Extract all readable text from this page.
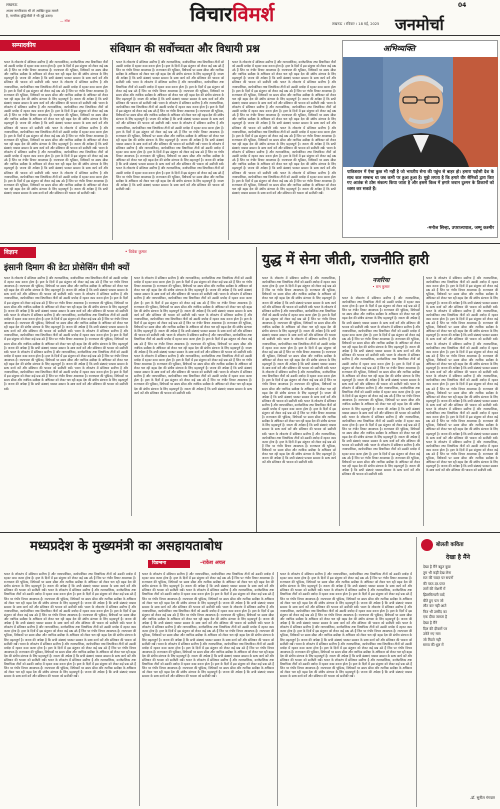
लखनऊ
अपना नागरिकत्व भी तो आखिर कुछ मायने
है, नागरिक बुद्धिजीवी ने भी मुद्दे उठाए।
— नरेश	विचारविमर्श	04
लखनऊ । रविवार । 18 मई, 2025 जनमोर्चा
सम्पादकीय	संविधान की सर्वोच्चता और विधायी प्रश्न
भारत के लोकतंत्र में संविधान सर्वोच्च है और न्यायपालिका, कार्यपालिका तथा विधायिका तीनों को उसकी मर्यादा में रहकर काम करना होता है। हाल के दिनों में इस संतुलन को लेकर कई प्रश्न उठे हैं जिन पर गंभीर विचार आवश्यक है। राज्यपाल की भूमिका, विधेयकों पर समय सीमा और न्यायिक समीक्षा के अधिकार को लेकर चल रही बहस देश की संघीय संरचना के लिए महत्वपूर्ण है। जनता की अपेक्षा है कि सभी संस्थाएं परस्पर सम्मान के साथ कार्य करें और संविधान की भावना को सर्वोपरि रखें। भारत के लोकतंत्र में संविधान सर्वोच्च है और न्यायपालिका, कार्यपालिका तथा विधायिका तीनों को उसकी मर्यादा में रहकर काम करना होता है। हाल के दिनों में इस संतुलन को लेकर कई प्रश्न उठे हैं जिन पर गंभीर विचार आवश्यक है। राज्यपाल की भूमिका, विधेयकों पर समय सीमा और न्यायिक समीक्षा के अधिकार को लेकर चल रही बहस देश की संघीय संरचना के लिए महत्वपूर्ण है। जनता की अपेक्षा है कि सभी संस्थाएं परस्पर सम्मान के साथ कार्य करें और संविधान की भावना को सर्वोपरि रखें। भारत के लोकतंत्र में संविधान सर्वोच्च है और न्यायपालिका, कार्यपालिका तथा विधायिका तीनों को उसकी मर्यादा में रहकर काम करना होता है। हाल के दिनों में इस संतुलन को लेकर कई प्रश्न उठे हैं जिन पर गंभीर विचार आवश्यक है। राज्यपाल की भूमिका, विधेयकों पर समय सीमा और न्यायिक समीक्षा के अधिकार को लेकर चल रही बहस देश की संघीय संरचना के लिए महत्वपूर्ण है। जनता की अपेक्षा है कि सभी संस्थाएं परस्पर सम्मान के साथ कार्य करें और संविधान की भावना को सर्वोपरि रखें। भारत के लोकतंत्र में संविधान सर्वोच्च है और न्यायपालिका, कार्यपालिका तथा विधायिका तीनों को उसकी मर्यादा में रहकर काम करना होता है। हाल के दिनों में इस संतुलन को लेकर कई प्रश्न उठे हैं जिन पर गंभीर विचार आवश्यक है। राज्यपाल की भूमिका, विधेयकों पर समय सीमा और न्यायिक समीक्षा के अधिकार को लेकर चल रही बहस देश की संघीय संरचना के लिए महत्वपूर्ण है। जनता की अपेक्षा है कि सभी संस्थाएं परस्पर सम्मान के साथ कार्य करें और संविधान की भावना को सर्वोपरि रखें। भारत के लोकतंत्र में संविधान सर्वोच्च है और न्यायपालिका, कार्यपालिका तथा विधायिका तीनों को उसकी मर्यादा में रहकर काम करना होता है। हाल के दिनों में इस संतुलन को लेकर कई प्रश्न उठे हैं जिन पर गंभीर विचार आवश्यक है। राज्यपाल की भूमिका, विधेयकों पर समय सीमा और न्यायिक समीक्षा के अधिकार को लेकर चल रही बहस देश की संघीय संरचना के लिए महत्वपूर्ण है। जनता की अपेक्षा है कि सभी संस्थाएं परस्पर सम्मान के साथ कार्य करें और संविधान की भावना को सर्वोपरि रखें। भारत के लोकतंत्र में संविधान सर्वोच्च है और न्यायपालिका, कार्यपालिका तथा विधायिका तीनों को उसकी मर्यादा में रहकर काम करना होता है। हाल के दिनों में इस संतुलन को लेकर कई प्रश्न उठे हैं जिन पर गंभीर विचार आवश्यक है। राज्यपाल की भूमिका, विधेयकों पर समय सीमा और न्यायिक समीक्षा के अधिकार को लेकर चल रही बहस देश की संघीय संरचना के लिए महत्वपूर्ण है। जनता की अपेक्षा है कि सभी संस्थाएं परस्पर सम्मान के साथ कार्य करें और संविधान की भावना को सर्वोपरि रखें।
भारत के लोकतंत्र में संविधान सर्वोच्च है और न्यायपालिका, कार्यपालिका तथा विधायिका तीनों को उसकी मर्यादा में रहकर काम करना होता है। हाल के दिनों में इस संतुलन को लेकर कई प्रश्न उठे हैं जिन पर गंभीर विचार आवश्यक है। राज्यपाल की भूमिका, विधेयकों पर समय सीमा और न्यायिक समीक्षा के अधिकार को लेकर चल रही बहस देश की संघीय संरचना के लिए महत्वपूर्ण है। जनता की अपेक्षा है कि सभी संस्थाएं परस्पर सम्मान के साथ कार्य करें और संविधान की भावना को सर्वोपरि रखें। भारत के लोकतंत्र में संविधान सर्वोच्च है और न्यायपालिका, कार्यपालिका तथा विधायिका तीनों को उसकी मर्यादा में रहकर काम करना होता है। हाल के दिनों में इस संतुलन को लेकर कई प्रश्न उठे हैं जिन पर गंभीर विचार आवश्यक है। राज्यपाल की भूमिका, विधेयकों पर समय सीमा और न्यायिक समीक्षा के अधिकार को लेकर चल रही बहस देश की संघीय संरचना के लिए महत्वपूर्ण है। जनता की अपेक्षा है कि सभी संस्थाएं परस्पर सम्मान के साथ कार्य करें और संविधान की भावना को सर्वोपरि रखें। भारत के लोकतंत्र में संविधान सर्वोच्च है और न्यायपालिका, कार्यपालिका तथा विधायिका तीनों को उसकी मर्यादा में रहकर काम करना होता है। हाल के दिनों में इस संतुलन को लेकर कई प्रश्न उठे हैं जिन पर गंभीर विचार आवश्यक है। राज्यपाल की भूमिका, विधेयकों पर समय सीमा और न्यायिक समीक्षा के अधिकार को लेकर चल रही बहस देश की संघीय संरचना के लिए महत्वपूर्ण है। जनता की अपेक्षा है कि सभी संस्थाएं परस्पर सम्मान के साथ कार्य करें और संविधान की भावना को सर्वोपरि रखें। भारत के लोकतंत्र में संविधान सर्वोच्च है और न्यायपालिका, कार्यपालिका तथा विधायिका तीनों को उसकी मर्यादा में रहकर काम करना होता है। हाल के दिनों में इस संतुलन को लेकर कई प्रश्न उठे हैं जिन पर गंभीर विचार आवश्यक है। राज्यपाल की भूमिका, विधेयकों पर समय सीमा और न्यायिक समीक्षा के अधिकार को लेकर चल रही बहस देश की संघीय संरचना के लिए महत्वपूर्ण है। जनता की अपेक्षा है कि सभी संस्थाएं परस्पर सम्मान के साथ कार्य करें और संविधान की भावना को सर्वोपरि रखें। भारत के लोकतंत्र में संविधान सर्वोच्च है और न्यायपालिका, कार्यपालिका तथा विधायिका तीनों को उसकी मर्यादा में रहकर काम करना होता है। हाल के दिनों में इस संतुलन को लेकर कई प्रश्न उठे हैं जिन पर गंभीर विचार आवश्यक है। राज्यपाल की भूमिका, विधेयकों पर समय सीमा और न्यायिक समीक्षा के अधिकार को लेकर चल रही बहस देश की संघीय संरचना के लिए महत्वपूर्ण है। जनता की अपेक्षा है कि सभी संस्थाएं परस्पर सम्मान के साथ कार्य करें और संविधान की भावना को सर्वोपरि रखें। भारत के लोकतंत्र में संविधान सर्वोच्च है और न्यायपालिका, कार्यपालिका तथा विधायिका तीनों को उसकी मर्यादा में रहकर काम करना होता है। हाल के दिनों में इस संतुलन को लेकर कई प्रश्न उठे हैं जिन पर गंभीर विचार आवश्यक है। राज्यपाल की भूमिका, विधेयकों पर समय सीमा और न्यायिक समीक्षा के अधिकार को लेकर चल रही बहस देश की संघीय संरचना के लिए महत्वपूर्ण है। जनता की अपेक्षा है कि सभी संस्थाएं परस्पर सम्मान के साथ कार्य करें और संविधान की भावना को सर्वोपरि रखें।
भारत के लोकतंत्र में संविधान सर्वोच्च है और न्यायपालिका, कार्यपालिका तथा विधायिका तीनों को उसकी मर्यादा में रहकर काम करना होता है। हाल के दिनों में इस संतुलन को लेकर कई प्रश्न उठे हैं जिन पर गंभीर विचार आवश्यक है। राज्यपाल की भूमिका, विधेयकों पर समय सीमा और न्यायिक समीक्षा के अधिकार को लेकर चल रही बहस देश की संघीय संरचना के लिए महत्वपूर्ण है। जनता की अपेक्षा है कि सभी संस्थाएं परस्पर सम्मान के साथ कार्य करें और संविधान की भावना को सर्वोपरि रखें। भारत के लोकतंत्र में संविधान सर्वोच्च है और न्यायपालिका, कार्यपालिका तथा विधायिका तीनों को उसकी मर्यादा में रहकर काम करना होता है। हाल के दिनों में इस संतुलन को लेकर कई प्रश्न उठे हैं जिन पर गंभीर विचार आवश्यक है। राज्यपाल की भूमिका, विधेयकों पर समय सीमा और न्यायिक समीक्षा के अधिकार को लेकर चल रही बहस देश की संघीय संरचना के लिए महत्वपूर्ण है। जनता की अपेक्षा है कि सभी संस्थाएं परस्पर सम्मान के साथ कार्य करें और संविधान की भावना को सर्वोपरि रखें। भारत के लोकतंत्र में संविधान सर्वोच्च है और न्यायपालिका, कार्यपालिका तथा विधायिका तीनों को उसकी मर्यादा में रहकर काम करना होता है। हाल के दिनों में इस संतुलन को लेकर कई प्रश्न उठे हैं जिन पर गंभीर विचार आवश्यक है। राज्यपाल की भूमिका, विधेयकों पर समय सीमा और न्यायिक समीक्षा के अधिकार को लेकर चल रही बहस देश की संघीय संरचना के लिए महत्वपूर्ण है। जनता की अपेक्षा है कि सभी संस्थाएं परस्पर सम्मान के साथ कार्य करें और संविधान की भावना को सर्वोपरि रखें। भारत के लोकतंत्र में संविधान सर्वोच्च है और न्यायपालिका, कार्यपालिका तथा विधायिका तीनों को उसकी मर्यादा में रहकर काम करना होता है। हाल के दिनों में इस संतुलन को लेकर कई प्रश्न उठे हैं जिन पर गंभीर विचार आवश्यक है। राज्यपाल की भूमिका, विधेयकों पर समय सीमा और न्यायिक समीक्षा के अधिकार को लेकर चल रही बहस देश की संघीय संरचना के लिए महत्वपूर्ण है। जनता की अपेक्षा है कि सभी संस्थाएं परस्पर सम्मान के साथ कार्य करें और संविधान की भावना को सर्वोपरि रखें। भारत के लोकतंत्र में संविधान सर्वोच्च है और न्यायपालिका, कार्यपालिका तथा विधायिका तीनों को उसकी मर्यादा में रहकर काम करना होता है। हाल के दिनों में इस संतुलन को लेकर कई प्रश्न उठे हैं जिन पर गंभीर विचार आवश्यक है। राज्यपाल की भूमिका, विधेयकों पर समय सीमा और न्यायिक समीक्षा के अधिकार को लेकर चल रही बहस देश की संघीय संरचना के लिए महत्वपूर्ण है। जनता की अपेक्षा है कि सभी संस्थाएं परस्पर सम्मान के साथ कार्य करें और संविधान की भावना को सर्वोपरि रखें। भारत के लोकतंत्र में संविधान सर्वोच्च है और न्यायपालिका, कार्यपालिका तथा विधायिका तीनों को उसकी मर्यादा में रहकर काम करना होता है। हाल के दिनों में इस संतुलन को लेकर कई प्रश्न उठे हैं जिन पर गंभीर विचार आवश्यक है। राज्यपाल की भूमिका, विधेयकों पर समय सीमा और न्यायिक समीक्षा के अधिकार को लेकर चल रही बहस देश की संघीय संरचना के लिए महत्वपूर्ण है। जनता की अपेक्षा है कि सभी संस्थाएं परस्पर सम्मान के साथ कार्य करें और संविधान की भावना को सर्वोपरि रखें।
अभिव्यक्ति
पाकिस्तान में ऐसा कुछ भी नहीं है जो भारतीय सेना की पहुंच से बाहर हो। हमारा पड़ोसी देश के साथ कल सम्बन्ध था जब कभी पर हुआ हुआ है। मुझे लगता है कि हमारे वीर सैनिकों द्वारा किए गए आतंक से ठोस संकल्प किया जाता है और इससे विश्व में हमारे जवान दुश्मन के ठिकानों को ध्वस्त कर सकते हैं।
-मनोज सिन्हा, उपराज्यपाल, जम्मू कश्मीर
विज्ञान	• विवेक कुमार
इंसानी दिमाग की डेटा प्रोसेसिंग धीमी क्यों
भारत के लोकतंत्र में संविधान सर्वोच्च है और न्यायपालिका, कार्यपालिका तथा विधायिका तीनों को उसकी मर्यादा में रहकर काम करना होता है। हाल के दिनों में इस संतुलन को लेकर कई प्रश्न उठे हैं जिन पर गंभीर विचार आवश्यक है। राज्यपाल की भूमिका, विधेयकों पर समय सीमा और न्यायिक समीक्षा के अधिकार को लेकर चल रही बहस देश की संघीय संरचना के लिए महत्वपूर्ण है। जनता की अपेक्षा है कि सभी संस्थाएं परस्पर सम्मान के साथ कार्य करें और संविधान की भावना को सर्वोपरि रखें। भारत के लोकतंत्र में संविधान सर्वोच्च है और न्यायपालिका, कार्यपालिका तथा विधायिका तीनों को उसकी मर्यादा में रहकर काम करना होता है। हाल के दिनों में इस संतुलन को लेकर कई प्रश्न उठे हैं जिन पर गंभीर विचार आवश्यक है। राज्यपाल की भूमिका, विधेयकों पर समय सीमा और न्यायिक समीक्षा के अधिकार को लेकर चल रही बहस देश की संघीय संरचना के लिए महत्वपूर्ण है। जनता की अपेक्षा है कि सभी संस्थाएं परस्पर सम्मान के साथ कार्य करें और संविधान की भावना को सर्वोपरि रखें। भारत के लोकतंत्र में संविधान सर्वोच्च है और न्यायपालिका, कार्यपालिका तथा विधायिका तीनों को उसकी मर्यादा में रहकर काम करना होता है। हाल के दिनों में इस संतुलन को लेकर कई प्रश्न उठे हैं जिन पर गंभीर विचार आवश्यक है। राज्यपाल की भूमिका, विधेयकों पर समय सीमा और न्यायिक समीक्षा के अधिकार को लेकर चल रही बहस देश की संघीय संरचना के लिए महत्वपूर्ण है। जनता की अपेक्षा है कि सभी संस्थाएं परस्पर सम्मान के साथ कार्य करें और संविधान की भावना को सर्वोपरि रखें। भारत के लोकतंत्र में संविधान सर्वोच्च है और न्यायपालिका, कार्यपालिका तथा विधायिका तीनों को उसकी मर्यादा में रहकर काम करना होता है। हाल के दिनों में इस संतुलन को लेकर कई प्रश्न उठे हैं जिन पर गंभीर विचार आवश्यक है। राज्यपाल की भूमिका, विधेयकों पर समय सीमा और न्यायिक समीक्षा के अधिकार को लेकर चल रही बहस देश की संघीय संरचना के लिए महत्वपूर्ण है। जनता की अपेक्षा है कि सभी संस्थाएं परस्पर सम्मान के साथ कार्य करें और संविधान की भावना को सर्वोपरि रखें। भारत के लोकतंत्र में संविधान सर्वोच्च है और न्यायपालिका, कार्यपालिका तथा विधायिका तीनों को उसकी मर्यादा में रहकर काम करना होता है। हाल के दिनों में इस संतुलन को लेकर कई प्रश्न उठे हैं जिन पर गंभीर विचार आवश्यक है। राज्यपाल की भूमिका, विधेयकों पर समय सीमा और न्यायिक समीक्षा के अधिकार को लेकर चल रही बहस देश की संघीय संरचना के लिए महत्वपूर्ण है। जनता की अपेक्षा है कि सभी संस्थाएं परस्पर सम्मान के साथ कार्य करें और संविधान की भावना को सर्वोपरि रखें। भारत के लोकतंत्र में संविधान सर्वोच्च है और न्यायपालिका, कार्यपालिका तथा विधायिका तीनों को उसकी मर्यादा में रहकर काम करना होता है। हाल के दिनों में इस संतुलन को लेकर कई प्रश्न उठे हैं जिन पर गंभीर विचार आवश्यक है। राज्यपाल की भूमिका, विधेयकों पर समय सीमा और न्यायिक समीक्षा के अधिकार को लेकर चल रही बहस देश की संघीय संरचना के लिए महत्वपूर्ण है। जनता की अपेक्षा है कि सभी संस्थाएं परस्पर सम्मान के साथ कार्य करें और संविधान की भावना को सर्वोपरि रखें।
भारत के लोकतंत्र में संविधान सर्वोच्च है और न्यायपालिका, कार्यपालिका तथा विधायिका तीनों को उसकी मर्यादा में रहकर काम करना होता है। हाल के दिनों में इस संतुलन को लेकर कई प्रश्न उठे हैं जिन पर गंभीर विचार आवश्यक है। राज्यपाल की भूमिका, विधेयकों पर समय सीमा और न्यायिक समीक्षा के अधिकार को लेकर चल रही बहस देश की संघीय संरचना के लिए महत्वपूर्ण है। जनता की अपेक्षा है कि सभी संस्थाएं परस्पर सम्मान के साथ कार्य करें और संविधान की भावना को सर्वोपरि रखें। भारत के लोकतंत्र में संविधान सर्वोच्च है और न्यायपालिका, कार्यपालिका तथा विधायिका तीनों को उसकी मर्यादा में रहकर काम करना होता है। हाल के दिनों में इस संतुलन को लेकर कई प्रश्न उठे हैं जिन पर गंभीर विचार आवश्यक है। राज्यपाल की भूमिका, विधेयकों पर समय सीमा और न्यायिक समीक्षा के अधिकार को लेकर चल रही बहस देश की संघीय संरचना के लिए महत्वपूर्ण है। जनता की अपेक्षा है कि सभी संस्थाएं परस्पर सम्मान के साथ कार्य करें और संविधान की भावना को सर्वोपरि रखें। भारत के लोकतंत्र में संविधान सर्वोच्च है और न्यायपालिका, कार्यपालिका तथा विधायिका तीनों को उसकी मर्यादा में रहकर काम करना होता है। हाल के दिनों में इस संतुलन को लेकर कई प्रश्न उठे हैं जिन पर गंभीर विचार आवश्यक है। राज्यपाल की भूमिका, विधेयकों पर समय सीमा और न्यायिक समीक्षा के अधिकार को लेकर चल रही बहस देश की संघीय संरचना के लिए महत्वपूर्ण है। जनता की अपेक्षा है कि सभी संस्थाएं परस्पर सम्मान के साथ कार्य करें और संविधान की भावना को सर्वोपरि रखें। भारत के लोकतंत्र में संविधान सर्वोच्च है और न्यायपालिका, कार्यपालिका तथा विधायिका तीनों को उसकी मर्यादा में रहकर काम करना होता है। हाल के दिनों में इस संतुलन को लेकर कई प्रश्न उठे हैं जिन पर गंभीर विचार आवश्यक है। राज्यपाल की भूमिका, विधेयकों पर समय सीमा और न्यायिक समीक्षा के अधिकार को लेकर चल रही बहस देश की संघीय संरचना के लिए महत्वपूर्ण है। जनता की अपेक्षा है कि सभी संस्थाएं परस्पर सम्मान के साथ कार्य करें और संविधान की भावना को सर्वोपरि रखें। भारत के लोकतंत्र में संविधान सर्वोच्च है और न्यायपालिका, कार्यपालिका तथा विधायिका तीनों को उसकी मर्यादा में रहकर काम करना होता है। हाल के दिनों में इस संतुलन को लेकर कई प्रश्न उठे हैं जिन पर गंभीर विचार आवश्यक है। राज्यपाल की भूमिका, विधेयकों पर समय सीमा और न्यायिक समीक्षा के अधिकार को लेकर चल रही बहस देश की संघीय संरचना के लिए महत्वपूर्ण है। जनता की अपेक्षा है कि सभी संस्थाएं परस्पर सम्मान के साथ कार्य करें और संविधान की भावना को सर्वोपरि रखें। भारत के लोकतंत्र में संविधान सर्वोच्च है और न्यायपालिका, कार्यपालिका तथा विधायिका तीनों को उसकी मर्यादा में रहकर काम करना होता है। हाल के दिनों में इस संतुलन को लेकर कई प्रश्न उठे हैं जिन पर गंभीर विचार आवश्यक है। राज्यपाल की भूमिका, विधेयकों पर समय सीमा और न्यायिक समीक्षा के अधिकार को लेकर चल रही बहस देश की संघीय संरचना के लिए महत्वपूर्ण है। जनता की अपेक्षा है कि सभी संस्थाएं परस्पर सम्मान के साथ कार्य करें और संविधान की भावना को सर्वोपरि रखें।
युद्ध में सेना जीती, राजनीति हारी
भारत के लोकतंत्र में संविधान सर्वोच्च है और न्यायपालिका, कार्यपालिका तथा विधायिका तीनों को उसकी मर्यादा में रहकर काम करना होता है। हाल के दिनों में इस संतुलन को लेकर कई प्रश्न उठे हैं जिन पर गंभीर विचार आवश्यक है। राज्यपाल की भूमिका, विधेयकों पर समय सीमा और न्यायिक समीक्षा के अधिकार को लेकर चल रही बहस देश की संघीय संरचना के लिए महत्वपूर्ण है। जनता की अपेक्षा है कि सभी संस्थाएं परस्पर सम्मान के साथ कार्य करें और संविधान की भावना को सर्वोपरि रखें। भारत के लोकतंत्र में संविधान सर्वोच्च है और न्यायपालिका, कार्यपालिका तथा विधायिका तीनों को उसकी मर्यादा में रहकर काम करना होता है। हाल के दिनों में इस संतुलन को लेकर कई प्रश्न उठे हैं जिन पर गंभीर विचार आवश्यक है। राज्यपाल की भूमिका, विधेयकों पर समय सीमा और न्यायिक समीक्षा के अधिकार को लेकर चल रही बहस देश की संघीय संरचना के लिए महत्वपूर्ण है। जनता की अपेक्षा है कि सभी संस्थाएं परस्पर सम्मान के साथ कार्य करें और संविधान की भावना को सर्वोपरि रखें। भारत के लोकतंत्र में संविधान सर्वोच्च है और न्यायपालिका, कार्यपालिका तथा विधायिका तीनों को उसकी मर्यादा में रहकर काम करना होता है। हाल के दिनों में इस संतुलन को लेकर कई प्रश्न उठे हैं जिन पर गंभीर विचार आवश्यक है। राज्यपाल की भूमिका, विधेयकों पर समय सीमा और न्यायिक समीक्षा के अधिकार को लेकर चल रही बहस देश की संघीय संरचना के लिए महत्वपूर्ण है। जनता की अपेक्षा है कि सभी संस्थाएं परस्पर सम्मान के साथ कार्य करें और संविधान की भावना को सर्वोपरि रखें। भारत के लोकतंत्र में संविधान सर्वोच्च है और न्यायपालिका, कार्यपालिका तथा विधायिका तीनों को उसकी मर्यादा में रहकर काम करना होता है। हाल के दिनों में इस संतुलन को लेकर कई प्रश्न उठे हैं जिन पर गंभीर विचार आवश्यक है। राज्यपाल की भूमिका, विधेयकों पर समय सीमा और न्यायिक समीक्षा के अधिकार को लेकर चल रही बहस देश की संघीय संरचना के लिए महत्वपूर्ण है। जनता की अपेक्षा है कि सभी संस्थाएं परस्पर सम्मान के साथ कार्य करें और संविधान की भावना को सर्वोपरि रखें। भारत के लोकतंत्र में संविधान सर्वोच्च है और न्यायपालिका, कार्यपालिका तथा विधायिका तीनों को उसकी मर्यादा में रहकर काम करना होता है। हाल के दिनों में इस संतुलन को लेकर कई प्रश्न उठे हैं जिन पर गंभीर विचार आवश्यक है। राज्यपाल की भूमिका, विधेयकों पर समय सीमा और न्यायिक समीक्षा के अधिकार को लेकर चल रही बहस देश की संघीय संरचना के लिए महत्वपूर्ण है। जनता की अपेक्षा है कि सभी संस्थाएं परस्पर सम्मान के साथ कार्य करें और संविधान की भावना को सर्वोपरि रखें। भारत के लोकतंत्र में संविधान सर्वोच्च है और न्यायपालिका, कार्यपालिका तथा विधायिका तीनों को उसकी मर्यादा में रहकर काम करना होता है। हाल के दिनों में इस संतुलन को लेकर कई प्रश्न उठे हैं जिन पर गंभीर विचार आवश्यक है। राज्यपाल की भूमिका, विधेयकों पर समय सीमा और न्यायिक समीक्षा के अधिकार को लेकर चल रही बहस देश की संघीय संरचना के लिए महत्वपूर्ण है। जनता की अपेक्षा है कि सभी संस्थाएं परस्पर सम्मान के साथ कार्य करें और संविधान की भावना को सर्वोपरि रखें।
नजरिया
• राम कुमार
भारत के लोकतंत्र में संविधान सर्वोच्च है और न्यायपालिका, कार्यपालिका तथा विधायिका तीनों को उसकी मर्यादा में रहकर काम करना होता है। हाल के दिनों में इस संतुलन को लेकर कई प्रश्न उठे हैं जिन पर गंभीर विचार आवश्यक है। राज्यपाल की भूमिका, विधेयकों पर समय सीमा और न्यायिक समीक्षा के अधिकार को लेकर चल रही बहस देश की संघीय संरचना के लिए महत्वपूर्ण है। जनता की अपेक्षा है कि सभी संस्थाएं परस्पर सम्मान के साथ कार्य करें और संविधान की भावना को सर्वोपरि रखें। भारत के लोकतंत्र में संविधान सर्वोच्च है और न्यायपालिका, कार्यपालिका तथा विधायिका तीनों को उसकी मर्यादा में रहकर काम करना होता है। हाल के दिनों में इस संतुलन को लेकर कई प्रश्न उठे हैं जिन पर गंभीर विचार आवश्यक है। राज्यपाल की भूमिका, विधेयकों पर समय सीमा और न्यायिक समीक्षा के अधिकार को लेकर चल रही बहस देश की संघीय संरचना के लिए महत्वपूर्ण है। जनता की अपेक्षा है कि सभी संस्थाएं परस्पर सम्मान के साथ कार्य करें और संविधान की भावना को सर्वोपरि रखें। भारत के लोकतंत्र में संविधान सर्वोच्च है और न्यायपालिका, कार्यपालिका तथा विधायिका तीनों को उसकी मर्यादा में रहकर काम करना होता है। हाल के दिनों में इस संतुलन को लेकर कई प्रश्न उठे हैं जिन पर गंभीर विचार आवश्यक है। राज्यपाल की भूमिका, विधेयकों पर समय सीमा और न्यायिक समीक्षा के अधिकार को लेकर चल रही बहस देश की संघीय संरचना के लिए महत्वपूर्ण है। जनता की अपेक्षा है कि सभी संस्थाएं परस्पर सम्मान के साथ कार्य करें और संविधान की भावना को सर्वोपरि रखें। भारत के लोकतंत्र में संविधान सर्वोच्च है और न्यायपालिका, कार्यपालिका तथा विधायिका तीनों को उसकी मर्यादा में रहकर काम करना होता है। हाल के दिनों में इस संतुलन को लेकर कई प्रश्न उठे हैं जिन पर गंभीर विचार आवश्यक है। राज्यपाल की भूमिका, विधेयकों पर समय सीमा और न्यायिक समीक्षा के अधिकार को लेकर चल रही बहस देश की संघीय संरचना के लिए महत्वपूर्ण है। जनता की अपेक्षा है कि सभी संस्थाएं परस्पर सम्मान के साथ कार्य करें और संविधान की भावना को सर्वोपरि रखें। भारत के लोकतंत्र में संविधान सर्वोच्च है और न्यायपालिका, कार्यपालिका तथा विधायिका तीनों को उसकी मर्यादा में रहकर काम करना होता है। हाल के दिनों में इस संतुलन को लेकर कई प्रश्न उठे हैं जिन पर गंभीर विचार आवश्यक है। राज्यपाल की भूमिका, विधेयकों पर समय सीमा और न्यायिक समीक्षा के अधिकार को लेकर चल रही बहस देश की संघीय संरचना के लिए महत्वपूर्ण है। जनता की अपेक्षा है कि सभी संस्थाएं परस्पर सम्मान के साथ कार्य करें और संविधान की भावना को सर्वोपरि रखें। भारत के लोकतंत्र में संविधान सर्वोच्च है और न्यायपालिका, कार्यपालिका तथा विधायिका तीनों को उसकी मर्यादा में रहकर काम करना होता है। हाल के दिनों में इस संतुलन को लेकर कई प्रश्न उठे हैं जिन पर गंभीर विचार आवश्यक है। राज्यपाल की भूमिका, विधेयकों पर समय सीमा और न्यायिक समीक्षा के अधिकार को लेकर चल रही बहस देश की संघीय संरचना के लिए महत्वपूर्ण है। जनता की अपेक्षा है कि सभी संस्थाएं परस्पर सम्मान के साथ कार्य करें और संविधान की भावना को सर्वोपरि रखें।
भारत के लोकतंत्र में संविधान सर्वोच्च है और न्यायपालिका, कार्यपालिका तथा विधायिका तीनों को उसकी मर्यादा में रहकर काम करना होता है। हाल के दिनों में इस संतुलन को लेकर कई प्रश्न उठे हैं जिन पर गंभीर विचार आवश्यक है। राज्यपाल की भूमिका, विधेयकों पर समय सीमा और न्यायिक समीक्षा के अधिकार को लेकर चल रही बहस देश की संघीय संरचना के लिए महत्वपूर्ण है। जनता की अपेक्षा है कि सभी संस्थाएं परस्पर सम्मान के साथ कार्य करें और संविधान की भावना को सर्वोपरि रखें। भारत के लोकतंत्र में संविधान सर्वोच्च है और न्यायपालिका, कार्यपालिका तथा विधायिका तीनों को उसकी मर्यादा में रहकर काम करना होता है। हाल के दिनों में इस संतुलन को लेकर कई प्रश्न उठे हैं जिन पर गंभीर विचार आवश्यक है। राज्यपाल की भूमिका, विधेयकों पर समय सीमा और न्यायिक समीक्षा के अधिकार को लेकर चल रही बहस देश की संघीय संरचना के लिए महत्वपूर्ण है। जनता की अपेक्षा है कि सभी संस्थाएं परस्पर सम्मान के साथ कार्य करें और संविधान की भावना को सर्वोपरि रखें। भारत के लोकतंत्र में संविधान सर्वोच्च है और न्यायपालिका, कार्यपालिका तथा विधायिका तीनों को उसकी मर्यादा में रहकर काम करना होता है। हाल के दिनों में इस संतुलन को लेकर कई प्रश्न उठे हैं जिन पर गंभीर विचार आवश्यक है। राज्यपाल की भूमिका, विधेयकों पर समय सीमा और न्यायिक समीक्षा के अधिकार को लेकर चल रही बहस देश की संघीय संरचना के लिए महत्वपूर्ण है। जनता की अपेक्षा है कि सभी संस्थाएं परस्पर सम्मान के साथ कार्य करें और संविधान की भावना को सर्वोपरि रखें। भारत के लोकतंत्र में संविधान सर्वोच्च है और न्यायपालिका, कार्यपालिका तथा विधायिका तीनों को उसकी मर्यादा में रहकर काम करना होता है। हाल के दिनों में इस संतुलन को लेकर कई प्रश्न उठे हैं जिन पर गंभीर विचार आवश्यक है। राज्यपाल की भूमिका, विधेयकों पर समय सीमा और न्यायिक समीक्षा के अधिकार को लेकर चल रही बहस देश की संघीय संरचना के लिए महत्वपूर्ण है। जनता की अपेक्षा है कि सभी संस्थाएं परस्पर सम्मान के साथ कार्य करें और संविधान की भावना को सर्वोपरि रखें। भारत के लोकतंत्र में संविधान सर्वोच्च है और न्यायपालिका, कार्यपालिका तथा विधायिका तीनों को उसकी मर्यादा में रहकर काम करना होता है। हाल के दिनों में इस संतुलन को लेकर कई प्रश्न उठे हैं जिन पर गंभीर विचार आवश्यक है। राज्यपाल की भूमिका, विधेयकों पर समय सीमा और न्यायिक समीक्षा के अधिकार को लेकर चल रही बहस देश की संघीय संरचना के लिए महत्वपूर्ण है। जनता की अपेक्षा है कि सभी संस्थाएं परस्पर सम्मान के साथ कार्य करें और संविधान की भावना को सर्वोपरि रखें। भारत के लोकतंत्र में संविधान सर्वोच्च है और न्यायपालिका, कार्यपालिका तथा विधायिका तीनों को उसकी मर्यादा में रहकर काम करना होता है। हाल के दिनों में इस संतुलन को लेकर कई प्रश्न उठे हैं जिन पर गंभीर विचार आवश्यक है। राज्यपाल की भूमिका, विधेयकों पर समय सीमा और न्यायिक समीक्षा के अधिकार को लेकर चल रही बहस देश की संघीय संरचना के लिए महत्वपूर्ण है। जनता की अपेक्षा है कि सभी संस्थाएं परस्पर सम्मान के साथ कार्य करें और संविधान की भावना को सर्वोपरि रखें।
मध्यप्रदेश के मुख्यमंत्री का असहायताबोध
–राकेश अचल
विडम्बना
भारत के लोकतंत्र में संविधान सर्वोच्च है और न्यायपालिका, कार्यपालिका तथा विधायिका तीनों को उसकी मर्यादा में रहकर काम करना होता है। हाल के दिनों में इस संतुलन को लेकर कई प्रश्न उठे हैं जिन पर गंभीर विचार आवश्यक है। राज्यपाल की भूमिका, विधेयकों पर समय सीमा और न्यायिक समीक्षा के अधिकार को लेकर चल रही बहस देश की संघीय संरचना के लिए महत्वपूर्ण है। जनता की अपेक्षा है कि सभी संस्थाएं परस्पर सम्मान के साथ कार्य करें और संविधान की भावना को सर्वोपरि रखें। भारत के लोकतंत्र में संविधान सर्वोच्च है और न्यायपालिका, कार्यपालिका तथा विधायिका तीनों को उसकी मर्यादा में रहकर काम करना होता है। हाल के दिनों में इस संतुलन को लेकर कई प्रश्न उठे हैं जिन पर गंभीर विचार आवश्यक है। राज्यपाल की भूमिका, विधेयकों पर समय सीमा और न्यायिक समीक्षा के अधिकार को लेकर चल रही बहस देश की संघीय संरचना के लिए महत्वपूर्ण है। जनता की अपेक्षा है कि सभी संस्थाएं परस्पर सम्मान के साथ कार्य करें और संविधान की भावना को सर्वोपरि रखें। भारत के लोकतंत्र में संविधान सर्वोच्च है और न्यायपालिका, कार्यपालिका तथा विधायिका तीनों को उसकी मर्यादा में रहकर काम करना होता है। हाल के दिनों में इस संतुलन को लेकर कई प्रश्न उठे हैं जिन पर गंभीर विचार आवश्यक है। राज्यपाल की भूमिका, विधेयकों पर समय सीमा और न्यायिक समीक्षा के अधिकार को लेकर चल रही बहस देश की संघीय संरचना के लिए महत्वपूर्ण है। जनता की अपेक्षा है कि सभी संस्थाएं परस्पर सम्मान के साथ कार्य करें और संविधान की भावना को सर्वोपरि रखें। भारत के लोकतंत्र में संविधान सर्वोच्च है और न्यायपालिका, कार्यपालिका तथा विधायिका तीनों को उसकी मर्यादा में रहकर काम करना होता है। हाल के दिनों में इस संतुलन को लेकर कई प्रश्न उठे हैं जिन पर गंभीर विचार आवश्यक है। राज्यपाल की भूमिका, विधेयकों पर समय सीमा और न्यायिक समीक्षा के अधिकार को लेकर चल रही बहस देश की संघीय संरचना के लिए महत्वपूर्ण है। जनता की अपेक्षा है कि सभी संस्थाएं परस्पर सम्मान के साथ कार्य करें और संविधान की भावना को सर्वोपरि रखें। भारत के लोकतंत्र में संविधान सर्वोच्च है और न्यायपालिका, कार्यपालिका तथा विधायिका तीनों को उसकी मर्यादा में रहकर काम करना होता है। हाल के दिनों में इस संतुलन को लेकर कई प्रश्न उठे हैं जिन पर गंभीर विचार आवश्यक है। राज्यपाल की भूमिका, विधेयकों पर समय सीमा और न्यायिक समीक्षा के अधिकार को लेकर चल रही बहस देश की संघीय संरचना के लिए महत्वपूर्ण है। जनता की अपेक्षा है कि सभी संस्थाएं परस्पर सम्मान के साथ कार्य करें और संविधान की भावना को सर्वोपरि रखें। भारत के लोकतंत्र में संविधान सर्वोच्च है और न्यायपालिका, कार्यपालिका तथा विधायिका तीनों को उसकी मर्यादा में रहकर काम करना होता है। हाल के दिनों में इस संतुलन को लेकर कई प्रश्न उठे हैं जिन पर गंभीर विचार आवश्यक है। राज्यपाल की भूमिका, विधेयकों पर समय सीमा और न्यायिक समीक्षा के अधिकार को लेकर चल रही बहस देश की संघीय संरचना के लिए महत्वपूर्ण है। जनता की अपेक्षा है कि सभी संस्थाएं परस्पर सम्मान के साथ कार्य करें और संविधान की भावना को सर्वोपरि रखें।
भारत के लोकतंत्र में संविधान सर्वोच्च है और न्यायपालिका, कार्यपालिका तथा विधायिका तीनों को उसकी मर्यादा में रहकर काम करना होता है। हाल के दिनों में इस संतुलन को लेकर कई प्रश्न उठे हैं जिन पर गंभीर विचार आवश्यक है। राज्यपाल की भूमिका, विधेयकों पर समय सीमा और न्यायिक समीक्षा के अधिकार को लेकर चल रही बहस देश की संघीय संरचना के लिए महत्वपूर्ण है। जनता की अपेक्षा है कि सभी संस्थाएं परस्पर सम्मान के साथ कार्य करें और संविधान की भावना को सर्वोपरि रखें। भारत के लोकतंत्र में संविधान सर्वोच्च है और न्यायपालिका, कार्यपालिका तथा विधायिका तीनों को उसकी मर्यादा में रहकर काम करना होता है। हाल के दिनों में इस संतुलन को लेकर कई प्रश्न उठे हैं जिन पर गंभीर विचार आवश्यक है। राज्यपाल की भूमिका, विधेयकों पर समय सीमा और न्यायिक समीक्षा के अधिकार को लेकर चल रही बहस देश की संघीय संरचना के लिए महत्वपूर्ण है। जनता की अपेक्षा है कि सभी संस्थाएं परस्पर सम्मान के साथ कार्य करें और संविधान की भावना को सर्वोपरि रखें। भारत के लोकतंत्र में संविधान सर्वोच्च है और न्यायपालिका, कार्यपालिका तथा विधायिका तीनों को उसकी मर्यादा में रहकर काम करना होता है। हाल के दिनों में इस संतुलन को लेकर कई प्रश्न उठे हैं जिन पर गंभीर विचार आवश्यक है। राज्यपाल की भूमिका, विधेयकों पर समय सीमा और न्यायिक समीक्षा के अधिकार को लेकर चल रही बहस देश की संघीय संरचना के लिए महत्वपूर्ण है। जनता की अपेक्षा है कि सभी संस्थाएं परस्पर सम्मान के साथ कार्य करें और संविधान की भावना को सर्वोपरि रखें। भारत के लोकतंत्र में संविधान सर्वोच्च है और न्यायपालिका, कार्यपालिका तथा विधायिका तीनों को उसकी मर्यादा में रहकर काम करना होता है। हाल के दिनों में इस संतुलन को लेकर कई प्रश्न उठे हैं जिन पर गंभीर विचार आवश्यक है। राज्यपाल की भूमिका, विधेयकों पर समय सीमा और न्यायिक समीक्षा के अधिकार को लेकर चल रही बहस देश की संघीय संरचना के लिए महत्वपूर्ण है। जनता की अपेक्षा है कि सभी संस्थाएं परस्पर सम्मान के साथ कार्य करें और संविधान की भावना को सर्वोपरि रखें। भारत के लोकतंत्र में संविधान सर्वोच्च है और न्यायपालिका, कार्यपालिका तथा विधायिका तीनों को उसकी मर्यादा में रहकर काम करना होता है। हाल के दिनों में इस संतुलन को लेकर कई प्रश्न उठे हैं जिन पर गंभीर विचार आवश्यक है। राज्यपाल की भूमिका, विधेयकों पर समय सीमा और न्यायिक समीक्षा के अधिकार को लेकर चल रही बहस देश की संघीय संरचना के लिए महत्वपूर्ण है। जनता की अपेक्षा है कि सभी संस्थाएं परस्पर सम्मान के साथ कार्य करें और संविधान की भावना को सर्वोपरि रखें। भारत के लोकतंत्र में संविधान सर्वोच्च है और न्यायपालिका, कार्यपालिका तथा विधायिका तीनों को उसकी मर्यादा में रहकर काम करना होता है। हाल के दिनों में इस संतुलन को लेकर कई प्रश्न उठे हैं जिन पर गंभीर विचार आवश्यक है। राज्यपाल की भूमिका, विधेयकों पर समय सीमा और न्यायिक समीक्षा के अधिकार को लेकर चल रही बहस देश की संघीय संरचना के लिए महत्वपूर्ण है। जनता की अपेक्षा है कि सभी संस्थाएं परस्पर सम्मान के साथ कार्य करें और संविधान की भावना को सर्वोपरि रखें।
भारत के लोकतंत्र में संविधान सर्वोच्च है और न्यायपालिका, कार्यपालिका तथा विधायिका तीनों को उसकी मर्यादा में रहकर काम करना होता है। हाल के दिनों में इस संतुलन को लेकर कई प्रश्न उठे हैं जिन पर गंभीर विचार आवश्यक है। राज्यपाल की भूमिका, विधेयकों पर समय सीमा और न्यायिक समीक्षा के अधिकार को लेकर चल रही बहस देश की संघीय संरचना के लिए महत्वपूर्ण है। जनता की अपेक्षा है कि सभी संस्थाएं परस्पर सम्मान के साथ कार्य करें और संविधान की भावना को सर्वोपरि रखें। भारत के लोकतंत्र में संविधान सर्वोच्च है और न्यायपालिका, कार्यपालिका तथा विधायिका तीनों को उसकी मर्यादा में रहकर काम करना होता है। हाल के दिनों में इस संतुलन को लेकर कई प्रश्न उठे हैं जिन पर गंभीर विचार आवश्यक है। राज्यपाल की भूमिका, विधेयकों पर समय सीमा और न्यायिक समीक्षा के अधिकार को लेकर चल रही बहस देश की संघीय संरचना के लिए महत्वपूर्ण है। जनता की अपेक्षा है कि सभी संस्थाएं परस्पर सम्मान के साथ कार्य करें और संविधान की भावना को सर्वोपरि रखें। भारत के लोकतंत्र में संविधान सर्वोच्च है और न्यायपालिका, कार्यपालिका तथा विधायिका तीनों को उसकी मर्यादा में रहकर काम करना होता है। हाल के दिनों में इस संतुलन को लेकर कई प्रश्न उठे हैं जिन पर गंभीर विचार आवश्यक है। राज्यपाल की भूमिका, विधेयकों पर समय सीमा और न्यायिक समीक्षा के अधिकार को लेकर चल रही बहस देश की संघीय संरचना के लिए महत्वपूर्ण है। जनता की अपेक्षा है कि सभी संस्थाएं परस्पर सम्मान के साथ कार्य करें और संविधान की भावना को सर्वोपरि रखें। भारत के लोकतंत्र में संविधान सर्वोच्च है और न्यायपालिका, कार्यपालिका तथा विधायिका तीनों को उसकी मर्यादा में रहकर काम करना होता है। हाल के दिनों में इस संतुलन को लेकर कई प्रश्न उठे हैं जिन पर गंभीर विचार आवश्यक है। राज्यपाल की भूमिका, विधेयकों पर समय सीमा और न्यायिक समीक्षा के अधिकार को लेकर चल रही बहस देश की संघीय संरचना के लिए महत्वपूर्ण है। जनता की अपेक्षा है कि सभी संस्थाएं परस्पर सम्मान के साथ कार्य करें और संविधान की भावना को सर्वोपरि रखें। भारत के लोकतंत्र में संविधान सर्वोच्च है और न्यायपालिका, कार्यपालिका तथा विधायिका तीनों को उसकी मर्यादा में रहकर काम करना होता है। हाल के दिनों में इस संतुलन को लेकर कई प्रश्न उठे हैं जिन पर गंभीर विचार आवश्यक है। राज्यपाल की भूमिका, विधेयकों पर समय सीमा और न्यायिक समीक्षा के अधिकार को लेकर चल रही बहस देश की संघीय संरचना के लिए महत्वपूर्ण है। जनता की अपेक्षा है कि सभी संस्थाएं परस्पर सम्मान के साथ कार्य करें और संविधान की भावना को सर्वोपरि रखें। भारत के लोकतंत्र में संविधान सर्वोच्च है और न्यायपालिका, कार्यपालिका तथा विधायिका तीनों को उसकी मर्यादा में रहकर काम करना होता है। हाल के दिनों में इस संतुलन को लेकर कई प्रश्न उठे हैं जिन पर गंभीर विचार आवश्यक है। राज्यपाल की भूमिका, विधेयकों पर समय सीमा और न्यायिक समीक्षा के अधिकार को लेकर चल रही बहस देश की संघीय संरचना के लिए महत्वपूर्ण है। जनता की अपेक्षा है कि सभी संस्थाएं परस्पर सम्मान के साथ कार्य करें और संविधान की भावना को सर्वोपरि रखें।
बोलती कविता
देखा है मैंने
देखा है मैंने बहुत कुछ
तुम भी कहीं देख लेना
रात की चादर पर सपनों
की परत-दर-परत
तारों की रोशनी में
झिलमिलाती यादें
बीते हुए पल जो
लौट कर नहीं आते
फिर भी उम्मीद का
एक दीया जलता है
देखा है मैंने
दिल की दीवारों पर
उकेरे गए नाम
जो मिटते नहीं
समय की धूल में
-डॉ. सुनील गंगवार
